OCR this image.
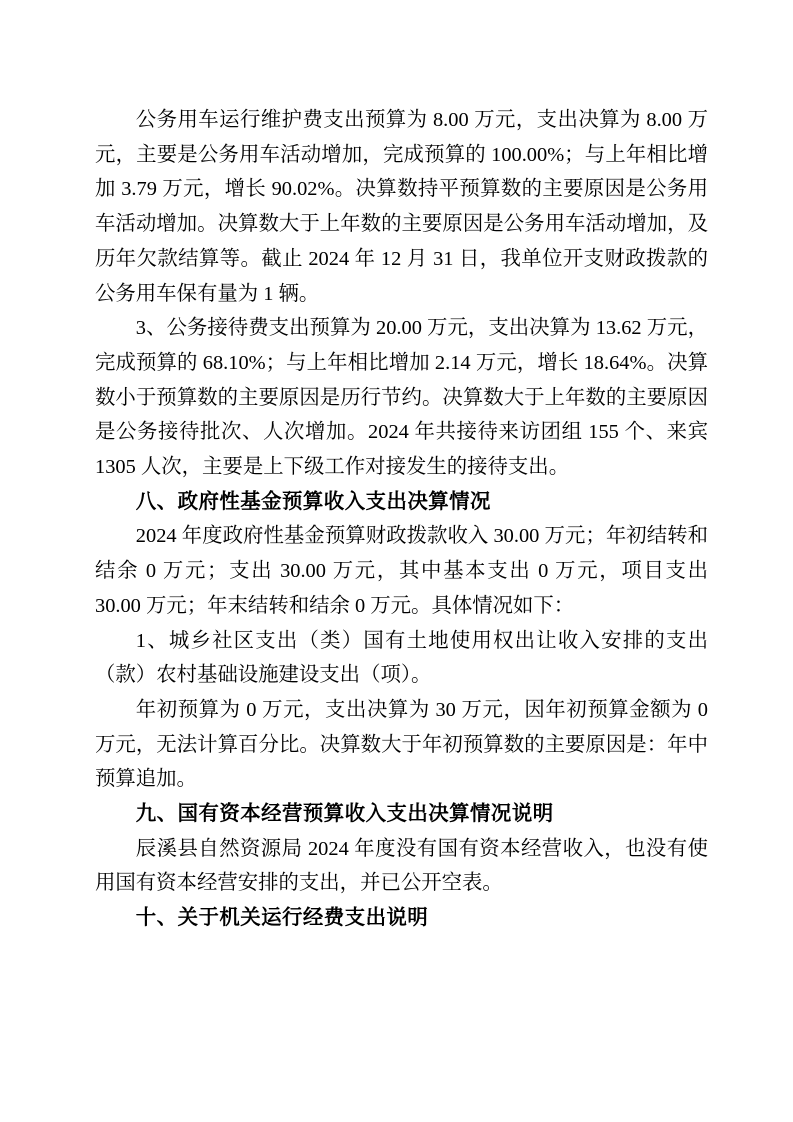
公务用车运行维护费支出预算为 8.00 万元，支出决算为 8.00 万元，主要是公务用车活动增加，完成预算的 100.00%；与上年相比增加 3.79 万元，增长 90.02%。决算数持平预算数的主要原因是公务用车活动增加。决算数大于上年数的主要原因是公务用车活动增加，及历年欠款结算等。截止 2024 年 12 月 31 日，我单位开支财政拨款的公务用车保有量为 1 辆。

3、公务接待费支出预算为 20.00 万元，支出决算为 13.62 万元，完成预算的 68.10%；与上年相比增加 2.14 万元，增长 18.64%。决算数小于预算数的主要原因是历行节约。决算数大于上年数的主要原因是公务接待批次、人次增加。2024 年共接待来访团组 155 个、来宾 1305 人次，主要是上下级工作对接发生的接待支出。

八、政府性基金预算收入支出决算情况

2024 年度政府性基金预算财政拨款收入 30.00 万元；年初结转和结余 0 万元；支出 30.00 万元，其中基本支出 0 万元，项目支出 30.00 万元；年末结转和结余 0 万元。具体情况如下：

1、城乡社区支出（类）国有土地使用权出让收入安排的支出（款）农村基础设施建设支出（项）。

年初预算为 0 万元，支出决算为 30 万元，因年初预算金额为 0 万元，无法计算百分比。决算数大于年初预算数的主要原因是：年中预算追加。

九、国有资本经营预算收入支出决算情况说明

辰溪县自然资源局 2024 年度没有国有资本经营收入，也没有使用国有资本经营安排的支出，并已公开空表。

十、关于机关运行经费支出说明
